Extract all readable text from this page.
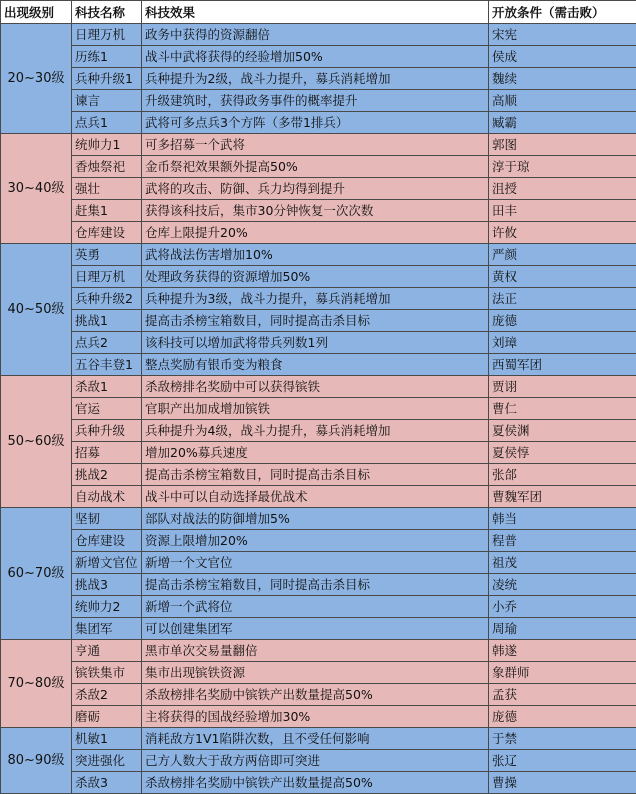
出现级别	科技名称	科技效果	开放条件（需击败）
20~30级	日理万机	政务中获得的资源翻倍	宋宪
	历练1	战斗中武将获得的经验增加50%	侯成
	兵种升级1	兵种提升为2级，战斗力提升，募兵消耗增加	魏续
	谏言	升级建筑时，获得政务事件的概率提升	高顺
	点兵1	武将可多点兵3个方阵（多带1排兵）	臧霸
30~40级	统帅力1	可多招募一个武将	郭图
	香烛祭祀	金币祭祀效果额外提高50%	淳于琼
	强壮	武将的攻击、防御、兵力均得到提升	沮授
	赶集1	获得该科技后，集市30分钟恢复一次次数	田丰
	仓库建设	仓库上限提升20%	许攸
40~50级	英勇	武将战法伤害增加10%	严颜
	日理万机	处理政务获得的资源增加50%	黄权
	兵种升级2	兵种提升为3级，战斗力提升，募兵消耗增加	法正
	挑战1	提高击杀榜宝箱数目，同时提高击杀目标	庞德
	点兵2	该科技可以增加武将带兵列数1列	刘璋
	五谷丰登1	整点奖励有银币变为粮食	西蜀军团
50~60级	杀敌1	杀敌榜排名奖励中可以获得镔铁	贾诩
	官运	官职产出加成增加镔铁	曹仁
	兵种升级	兵种提升为4级，战斗力提升，募兵消耗增加	夏侯渊
	招募	增加20%募兵速度	夏侯惇
	挑战2	提高击杀榜宝箱数目，同时提高击杀目标	张郃
	自动战术	战斗中可以自动选择最优战术	曹魏军团
60~70级	坚韧	部队对战法的防御增加5%	韩当
	仓库建设	资源上限增加20%	程普
	新增文官位	新增一个文官位	祖茂
	挑战3	提高击杀榜宝箱数目，同时提高击杀目标	凌统
	统帅力2	新增一个武将位	小乔
	集团军	可以创建集团军	周瑜
70~80级	亨通	黑市单次交易量翻倍	韩遂
	镔铁集市	集市出现镔铁资源	象群师
	杀敌2	杀敌榜排名奖励中镔铁产出数量提高50%	孟获
	磨砺	主将获得的国战经验增加30%	庞德
80~90级	机敏1	消耗敌方1V1陷阱次数，且不受任何影响	于禁
	突进强化	己方人数大于敌方两倍即可突进	张辽
	杀敌3	杀敌榜排名奖励中镔铁产出数量提高50%	曹操
